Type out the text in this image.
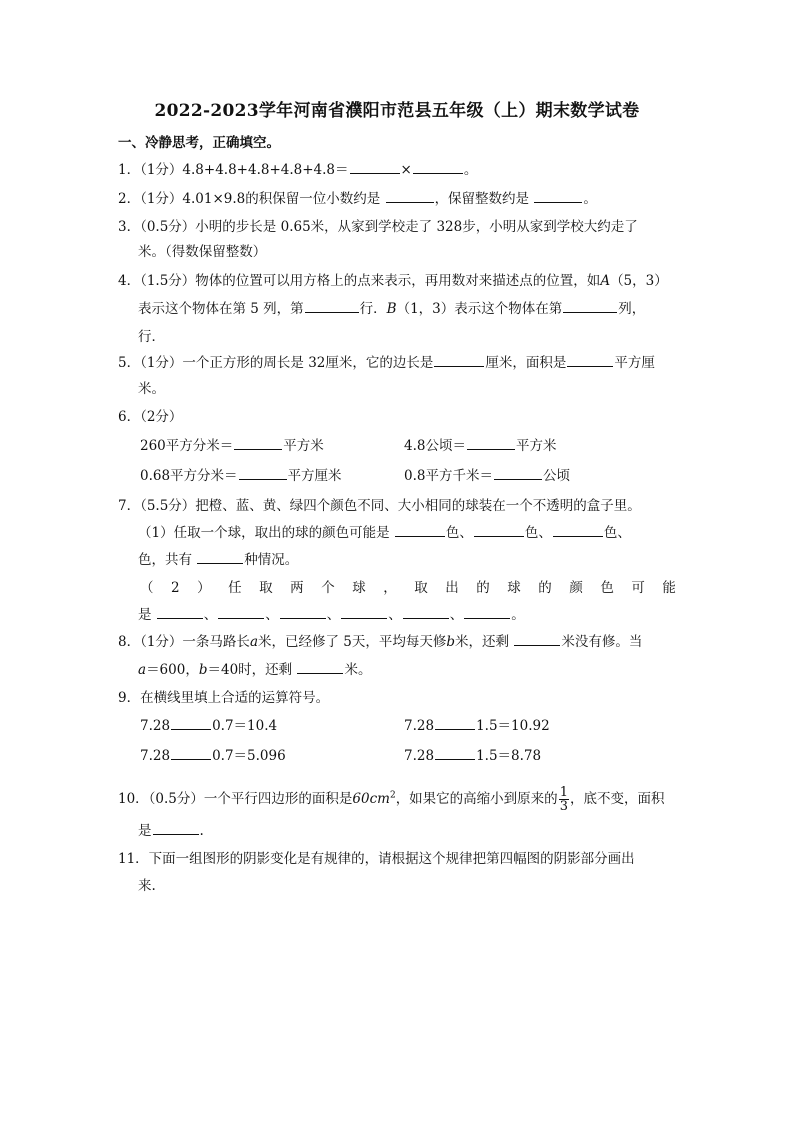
2022-2023学年河南省濮阳市范县五年级（上）期末数学试卷
一、冷静思考，正确填空。
1．（1分）4.8+4.8+4.8+4.8+4.8＝	×	。
2．（1分）4.01×9.8的积保留一位小数约是	，保留整数约是	。
3．（0.5分）小明的步长是 0.65米，从家到学校走了 328步，小明从家到学校大约走了
米。（得数保留整数）
4．（1.5分）物体的位置可以用方格上的点来表示，再用数对来描述点的位置，如A（5，3）
表示这个物体在第 5 列，第	行．B（1，3）表示这个物体在第	列，
行．
5．（1分）一个正方形的周长是 32厘米，它的边长是	厘米，面积是	平方厘
米。
6．（2分）
260平方分米＝	平方米	4.8公顷＝	平方米
0.68平方分米＝	平方厘米	0.8平方千米＝	公顷
7．（5.5分）把橙、蓝、黄、绿四个颜色不同、大小相同的球装在一个不透明的盒子里。
（1）任取一个球，取出的球的颜色可能是	色、	色、	色、
色，共有	种情况。
（ 2 ） 任 取 两 个 球 ， 取 出 的 球 的 颜 色 可 能
是	、	、	、	、	、	。
8．（1分）一条马路长a米，已经修了 5天，平均每天修b米，还剩	米没有修。当
a＝600，b＝40时，还剩	米。
9．在横线里填上合适的运算符号。
7.28	0.7＝10.4	7.28	1.5＝10.92
7.28	0.7＝5.096	7.28	1.5＝8.78
10．（0.5分）一个平行四边形的面积是$60cm^2$，如果它的高缩小到原来的 $\frac{1}{3}$ ，底不变，面积
是	.
11．下面一组图形的阴影变化是有规律的，请根据这个规律把第四幅图的阴影部分画出
来.
